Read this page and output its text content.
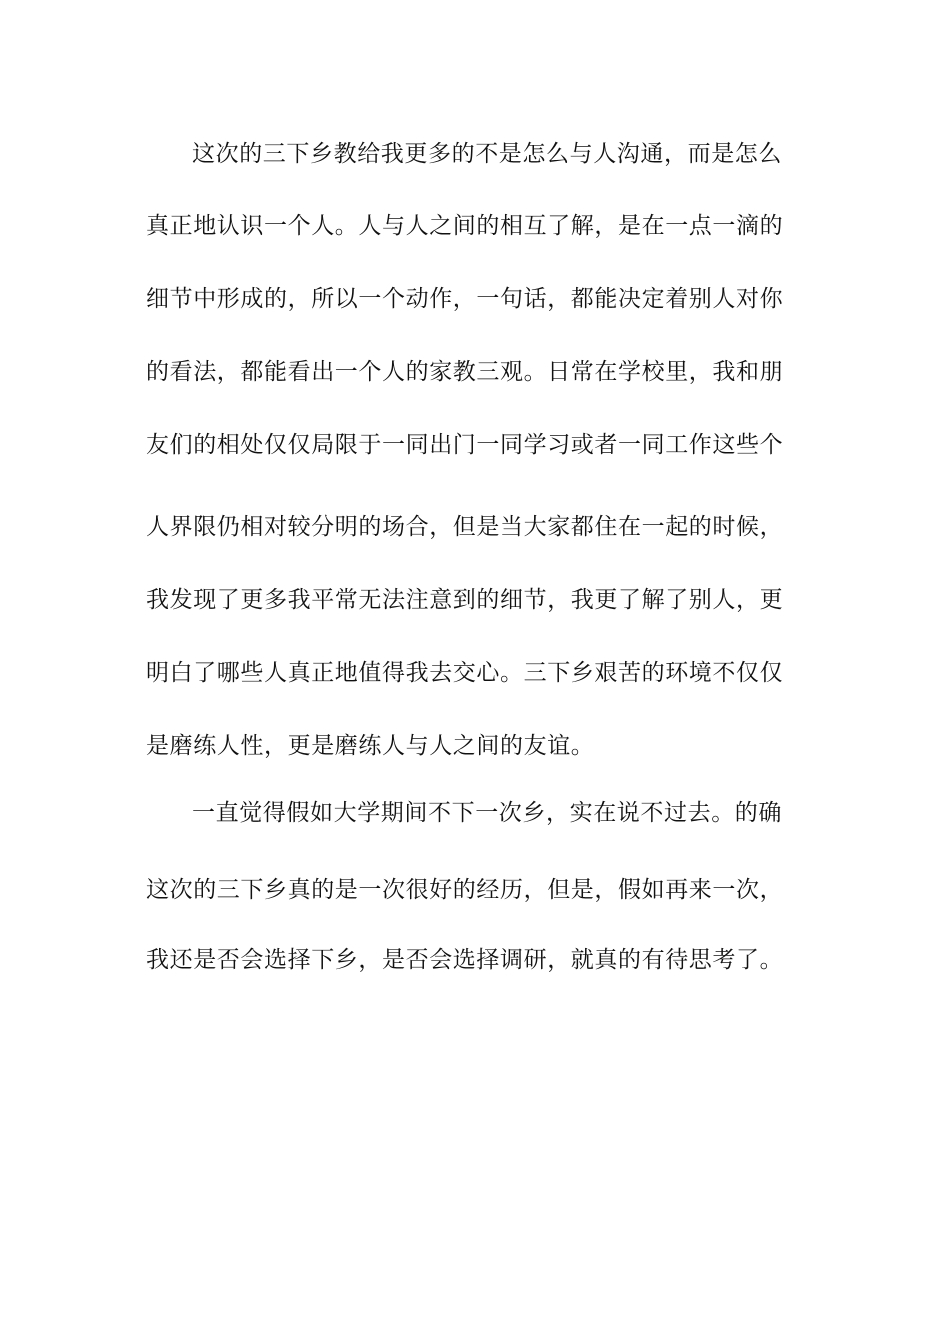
这次的三下乡教给我更多的不是怎么与人沟通，而是怎么
真正地认识一个人。人与人之间的相互了解，是在一点一滴的
细节中形成的，所以一个动作，一句话，都能决定着别人对你
的看法，都能看出一个人的家教三观。日常在学校里，我和朋
友们的相处仅仅局限于一同出门一同学习或者一同工作这些个
人界限仍相对较分明的场合，但是当大家都住在一起的时候，
我发现了更多我平常无法注意到的细节，我更了解了别人，更
明白了哪些人真正地值得我去交心。三下乡艰苦的环境不仅仅
是磨练人性，更是磨练人与人之间的友谊。
一直觉得假如大学期间不下一次乡，实在说不过去。的确
这次的三下乡真的是一次很好的经历，但是，假如再来一次，
我还是否会选择下乡，是否会选择调研，就真的有待思考了。
